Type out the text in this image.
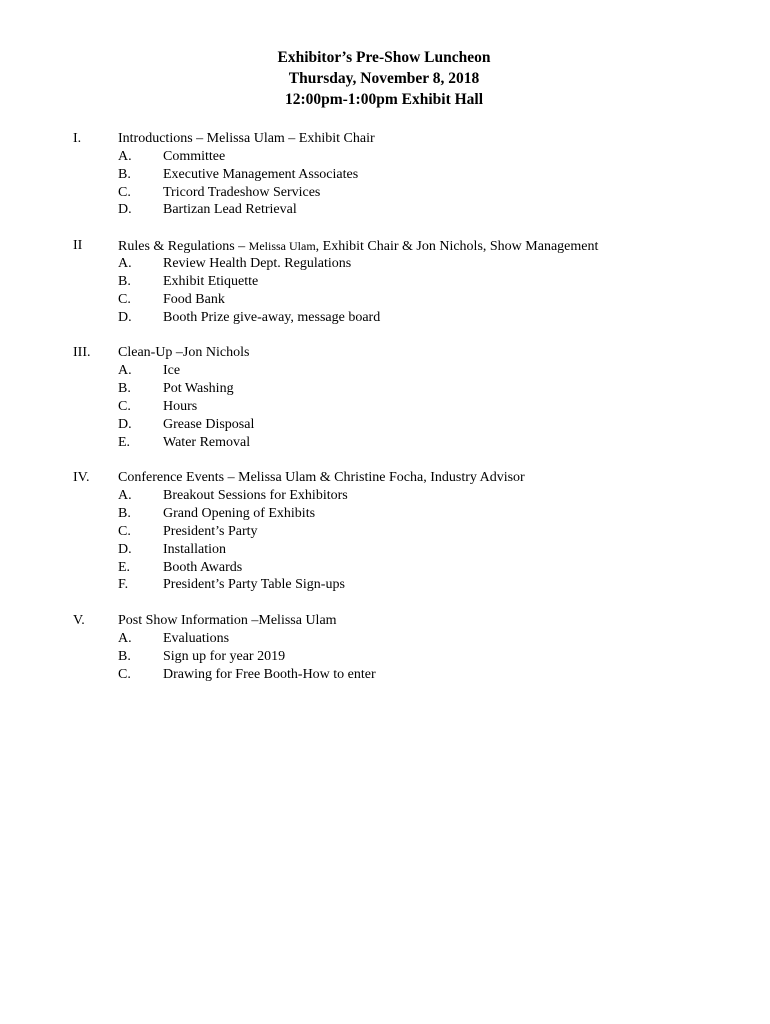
Exhibitor’s Pre-Show Luncheon
Thursday, November 8, 2018
12:00pm-1:00pm Exhibit Hall
I.	Introductions – Melissa Ulam – Exhibit Chair
A. Committee
B. Executive Management Associates
C. Tricord Tradeshow Services
D. Bartizan Lead Retrieval
II	Rules & Regulations – Melissa Ulam, Exhibit Chair & Jon Nichols, Show Management
A. Review Health Dept. Regulations
B. Exhibit Etiquette
C. Food Bank
D. Booth Prize give-away, message board
III. Clean-Up –Jon Nichols
A. Ice
B. Pot Washing
C. Hours
D. Grease Disposal
E. Water Removal
IV. Conference Events – Melissa Ulam & Christine Focha, Industry Advisor
A. Breakout Sessions for Exhibitors
B. Grand Opening of Exhibits
C. President’s Party
D. Installation
E. Booth Awards
F. President’s Party Table Sign-ups
V. Post Show Information –Melissa Ulam
A. Evaluations
B. Sign up for year 2019
C. Drawing for Free Booth-How to enter
